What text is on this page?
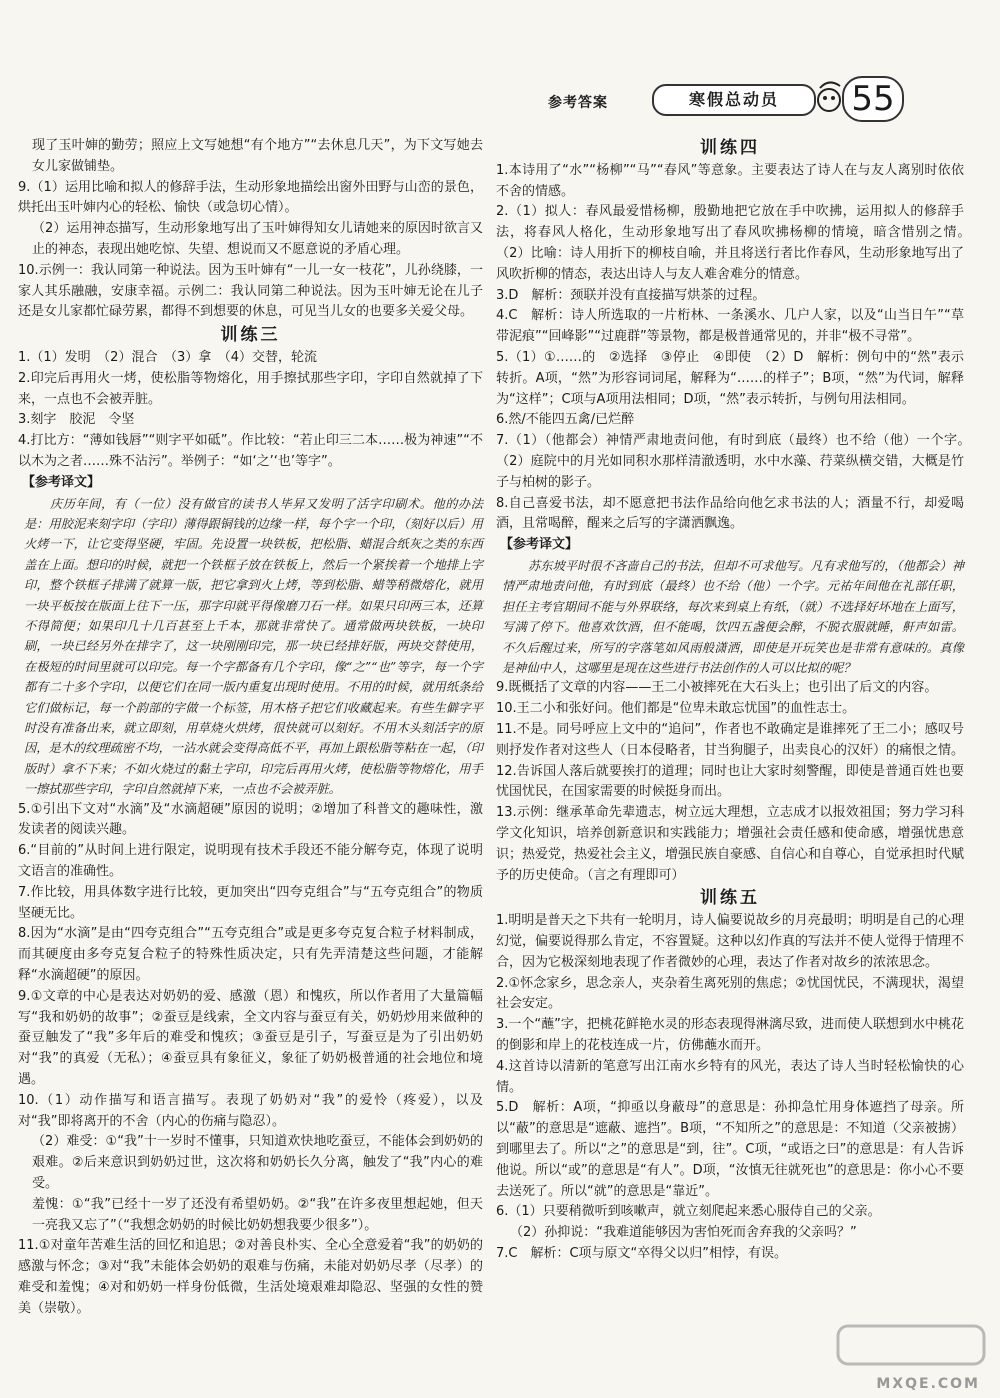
参考答案	寒假总动员	55

现了玉叶婶的勤劳；照应上文写她想“有个地方”“去休息几天”，为下文写她去女儿家做铺垫。

9.（1）运用比喻和拟人的修辞手法，生动形象地描绘出窗外田野与山峦的景色，烘托出玉叶婶内心的轻松、愉快（或急切心情）。

（2）运用神态描写，生动形象地写出了玉叶婶得知女儿请她来的原因时欲言又止的神态，表现出她吃惊、失望、想说而又不愿意说的矛盾心理。

10.示例一：我认同第一种说法。因为玉叶婶有“一儿一女一枝花”，儿孙绕膝，一家人其乐融融，安康幸福。示例二：我认同第二种说法。因为玉叶婶无论在儿子还是女儿家都忙碌劳累，都得不到想要的休息，可见当儿女的也要多关爱父母。

训练三

1.（1）发明　（2）混合　（3）拿　（4）交替，轮流

2.印完后再用火一烤，使松脂等物熔化，用手擦拭那些字印，字印自然就掉了下来，一点也不会被弄脏。

3.刻字　胶泥　令坚

4.打比方：“薄如钱唇”“则字平如砥”。作比较：“若止印三二本……极为神速”“不以木为之者……殊不沾污”。举例子：“如‘之’‘也’等字”。

【参考译文】

庆历年间，有（一位）没有做官的读书人毕昇又发明了活字印刷术。他的办法是：用胶泥来刻字印（字印）薄得跟铜钱的边缘一样，每个字一个印，（刻好以后）用火烤一下，让它变得坚硬，牢固。先设置一块铁板，把松脂、蜡混合纸灰之类的东西盖在上面。想印的时候，就把一个铁框子放在铁板上，然后一个紧挨着一个地排上字印，整个铁框子排满了就算一版，把它拿到火上烤，等到松脂、蜡等稍微熔化，就用一块平板按在版面上往下一压，那字印就平得像磨刀石一样。如果只印两三本，还算不得简便；如果印几十几百甚至上千本，那就非常快了。通常做两块铁板，一块印刷，一块已经另外在排字了，这一块刚刚印完，那一块已经排好版，两块交替使用，在极短的时间里就可以印完。每一个字都备有几个字印，像“之”“也”等字，每一个字都有二十多个字印，以便它们在同一版内重复出现时使用。不用的时候，就用纸条给它们做标记，每一个韵部的字做一个标签，用木格子把它们收藏起来。有些生僻字平时没有准备出来，就立即刻，用草烧火烘烤，很快就可以刻好。不用木头刻活字的原因，是木的纹理疏密不均，一沾水就会变得高低不平，再加上跟松脂等粘在一起，（印版时）拿不下来；不如火烧过的黏土字印，印完后再用火烤，使松脂等物熔化，用手一擦拭那些字印，字印自然就掉下来，一点也不会被弄脏。

5.①引出下文对“水滴”及“水滴超硬”原因的说明；②增加了科普文的趣味性，激发读者的阅读兴趣。

6.“目前的”从时间上进行限定，说明现有技术手段还不能分解夸克，体现了说明文语言的准确性。

7.作比较，用具体数字进行比较，更加突出“四夸克组合”与“五夸克组合”的物质坚硬无比。

8.因为“水滴”是由“四夸克组合”“五夸克组合”或是更多夸克复合粒子材料制成，而其硬度由多夸克复合粒子的特殊性质决定，只有先弄清楚这些问题，才能解释“水滴超硬”的原因。

9.①文章的中心是表达对奶奶的爱、感激（恩）和愧疚，所以作者用了大量篇幅写“我和奶奶的故事”；②蚕豆是线索，全文内容与蚕豆有关，奶奶炒用来做种的蚕豆触发了“我”多年后的难受和愧疚；③蚕豆是引子，写蚕豆是为了引出奶奶对“我”的真爱（无私）；④蚕豆具有象征义，象征了奶奶极普通的社会地位和境遇。

10.（1）动作描写和语言描写。表现了奶奶对“我”的爱怜（疼爱），以及对“我”即将离开的不舍（内心的伤痛与隐忍）。

（2）难受：①“我”十一岁时不懂事，只知道欢快地吃蚕豆，不能体会到奶奶的艰难。②后来意识到奶奶过世，这次将和奶奶长久分离，触发了“我”内心的难受。

羞愧：①“我”已经十一岁了还没有希望奶奶。②“我”在许多夜里想起她，但天一亮我又忘了”（“我想念奶奶的时候比奶奶想我要少很多”）。

11.①对童年苦难生活的回忆和追思；②对善良朴实、全心全意爱着“我”的奶奶的感激与怀念；③对“我”未能体会奶奶的艰难与伤痛，未能对奶奶尽孝（尽孝）的难受和羞愧；④对和奶奶一样身份低微，生活处境艰难却隐忍、坚强的女性的赞美（崇敬）。

训练四

1.本诗用了“水”“杨柳”“马”“春风”等意象。主要表达了诗人在与友人离别时依依不舍的情感。

2.（1）拟人：春风最爱惜杨柳，殷勤地把它放在手中吹拂，运用拟人的修辞手法，将春风人格化，生动形象地写出了春风吹拂杨柳的情境，暗含惜别之情。　（2）比喻：诗人用折下的柳枝自喻，并且将送行者比作春风，生动形象地写出了风吹折柳的情态，表达出诗人与友人难舍难分的情意。

3.D　解析：颈联并没有直接描写烘茶的过程。

4.C　解析：诗人所选取的一片桁林、一条溪水、几户人家，以及“山当日午”“草带泥痕”“回峰影”“过鹿群”等景物，都是极普通常见的，并非“极不寻常”。

5.（1）①……的　②选择　③停止　④即使　（2）D　解析：例句中的“然”表示转折。A项，“然”为形容词词尾，解释为“……的样子”；B项，“然”为代词，解释为“这样”；C项与A项用法相同；D项，“然”表示转折，与例句用法相同。

6.然/不能四五禽/已烂醉

7.（1）（他都会）神情严肃地责问他，有时到底（最终）也不给（他）一个字。　（2）庭院中的月光如同积水那样清澈透明，水中水藻、荇菜纵横交错，大概是竹子与柏树的影子。

8.自己喜爱书法，却不愿意把书法作品给向他乞求书法的人；酒量不行，却爱喝酒，且常喝醉，醒来之后写的字潇洒飘逸。

【参考译文】

苏东坡平时很不吝啬自己的书法，但却不可求他写。凡有求他写的，（他都会）神情严肃地责问他，有时到底（最终）也不给（他）一个字。元祐年间他在礼部任职，担任主考官期间不能与外界联络，每次来到桌上有纸，（就）不选择好坏地在上面写，写满了停下。他喜欢饮酒，但不能喝，饮四五盏便会醉，不脱衣服就睡，鼾声如雷。不久后醒过来，所写的字落笔如风雨般潇洒，即使是开玩笑也是非常有意味的。真像是神仙中人，这哪里是现在这些进行书法创作的人可以比拟的呢？

9.既概括了文章的内容——王二小被摔死在大石头上；也引出了后文的内容。

10.王二小和张好问。他们都是“位卑未敢忘忧国”的血性志士。

11.不是。同号呼应上文中的“追问”，作者也不敢确定是谁摔死了王二小；感叹号则抒发作者对这些人（日本侵略者，甘当狗腿子，出卖良心的汉奸）的痛恨之情。

12.告诉国人落后就要挨打的道理；同时也让大家时刻警醒，即使是普通百姓也要忧国忧民，在国家需要的时候挺身而出。

13.示例：继承革命先辈遗志，树立远大理想，立志成才以报效祖国；努力学习科学文化知识，培养创新意识和实践能力；增强社会责任感和使命感，增强忧患意识；热爱党，热爱社会主义，增强民族自豪感、自信心和自尊心，自觉承担时代赋予的历史使命。（言之有理即可）

训练五

1.明明是普天之下共有一轮明月，诗人偏要说故乡的月亮最明；明明是自己的心理幻觉，偏要说得那么肯定，不容置疑。这种以幻作真的写法并不使人觉得于情理不合，因为它极深刻地表现了作者微妙的心理，表达了作者对故乡的浓浓思念。

2.①怀念家乡，思念亲人，夹杂着生离死别的焦虑；②忧国忧民，不满现状，渴望社会安定。

3.一个“蘸”字，把桃花鲜艳水灵的形态表现得淋漓尽致，进而使人联想到水中桃花的倒影和岸上的花枝连成一片，仿佛蘸水而开。

4.这首诗以清新的笔意写出江南水乡特有的风光，表达了诗人当时轻松愉快的心情。

5.D　解析：A项，“抑亟以身蔽母”的意思是：孙抑急忙用身体遮挡了母亲。所以“蔽”的意思是“遮蔽、遮挡”。B项，“不知所之”的意思是：不知道（父亲被掳）到哪里去了。所以“之”的意思是“到，往”。C项，“或语之曰”的意思是：有人告诉他说。所以“或”的意思是“有人”。D项，“汝慎无往就死也”的意思是：你小心不要去送死了。所以“就”的意思是“靠近”。

6.（1）只要稍微听到咳嗽声，就立刻爬起来悉心服侍自己的父亲。

（2）孙抑说：“我难道能够因为害怕死而舍弃我的父亲吗？”

7.C　解析：C项与原文“卒得父以归”相悖，有误。

MXQE.COM
